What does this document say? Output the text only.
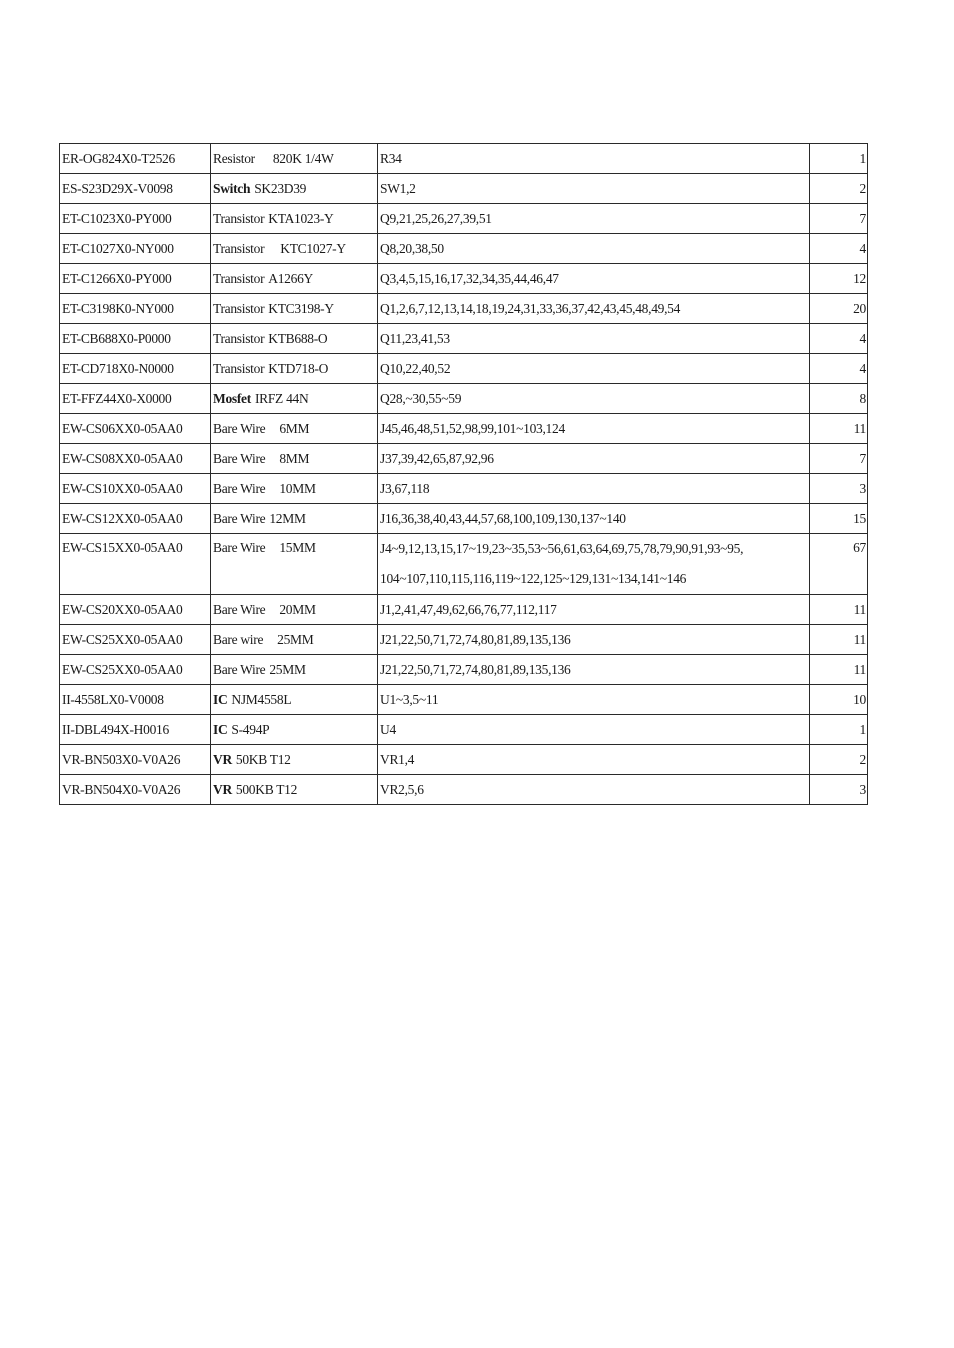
ER-OG824X0-T2526	Resistor 820K 1/4W	R34	1
ES-S23D29X-V0098	Switch SK23D39	SW1,2	2
ET-C1023X0-PY000	Transistor KTA1023-Y	Q9,21,25,26,27,39,51	7
ET-C1027X0-NY000	Transistor KTC1027-Y	Q8,20,38,50	4
ET-C1266X0-PY000	Transistor A1266Y	Q3,4,5,15,16,17,32,34,35,44,46,47	12
ET-C3198K0-NY000	Transistor KTC3198-Y	Q1,2,6,7,12,13,14,18,19,24,31,33,36,37,42,43,45,48,49,54	20
ET-CB688X0-P0000	Transistor KTB688-O	Q11,23,41,53	4
ET-CD718X0-N0000	Transistor KTD718-O	Q10,22,40,52	4
ET-FFZ44X0-X0000	Mosfet IRFZ 44N	Q28,~30,55~59	8
EW-CS06XX0-05AA0	Bare Wire 6MM	J45,46,48,51,52,98,99,101~103,124	11
EW-CS08XX0-05AA0	Bare Wire 8MM	J37,39,42,65,87,92,96	7
EW-CS10XX0-05AA0	Bare Wire 10MM	J3,67,118	3
EW-CS12XX0-05AA0	Bare Wire 12MM	J16,36,38,40,43,44,57,68,100,109,130,137~140	15
EW-CS15XX0-05AA0	Bare Wire 15MM	J4~9,12,13,15,17~19,23~35,53~56,61,63,64,69,75,78,79,90,91,93~95,
104~107,110,115,116,119~122,125~129,131~134,141~146	67
EW-CS20XX0-05AA0	Bare Wire 20MM	J1,2,41,47,49,62,66,76,77,112,117	11
EW-CS25XX0-05AA0	Bare wire 25MM	J21,22,50,71,72,74,80,81,89,135,136	11
EW-CS25XX0-05AA0	Bare Wire 25MM	J21,22,50,71,72,74,80,81,89,135,136	11
II-4558LX0-V0008	IC NJM4558L	U1~3,5~11	10
II-DBL494X-H0016	IC S-494P	U4	1
VR-BN503X0-V0A26	VR 50KB T12	VR1,4	2
VR-BN504X0-V0A26	VR 500KB T12	VR2,5,6	3
